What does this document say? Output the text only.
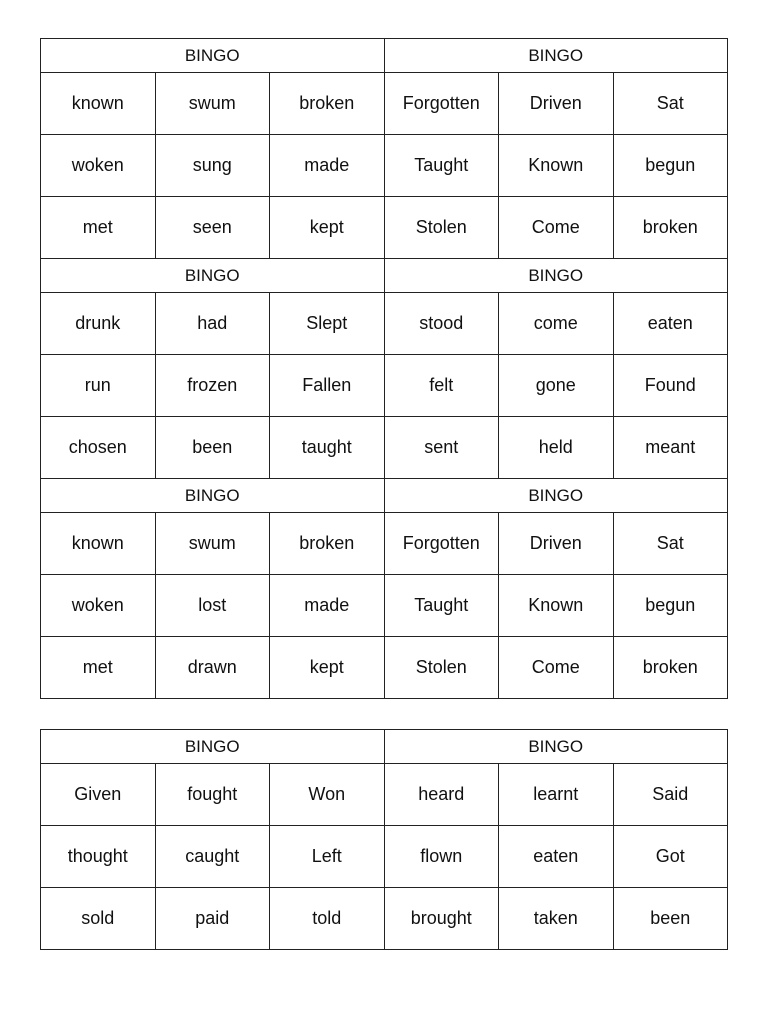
BINGO			BINGO		
known	swum	broken	Forgotten	Driven	Sat
woken	sung	made	Taught	Known	begun
met	seen	kept	Stolen	Come	broken
BINGO			BINGO		
drunk	had	Slept	stood	come	eaten
run	frozen	Fallen	felt	gone	Found
chosen	been	taught	sent	held	meant
BINGO			BINGO		
known	swum	broken	Forgotten	Driven	Sat
woken	lost	made	Taught	Known	begun
met	drawn	kept	Stolen	Come	broken
BINGO			BINGO		
Given	fought	Won	heard	learnt	Said
thought	caught	Left	flown	eaten	Got
sold	paid	told	brought	taken	been
